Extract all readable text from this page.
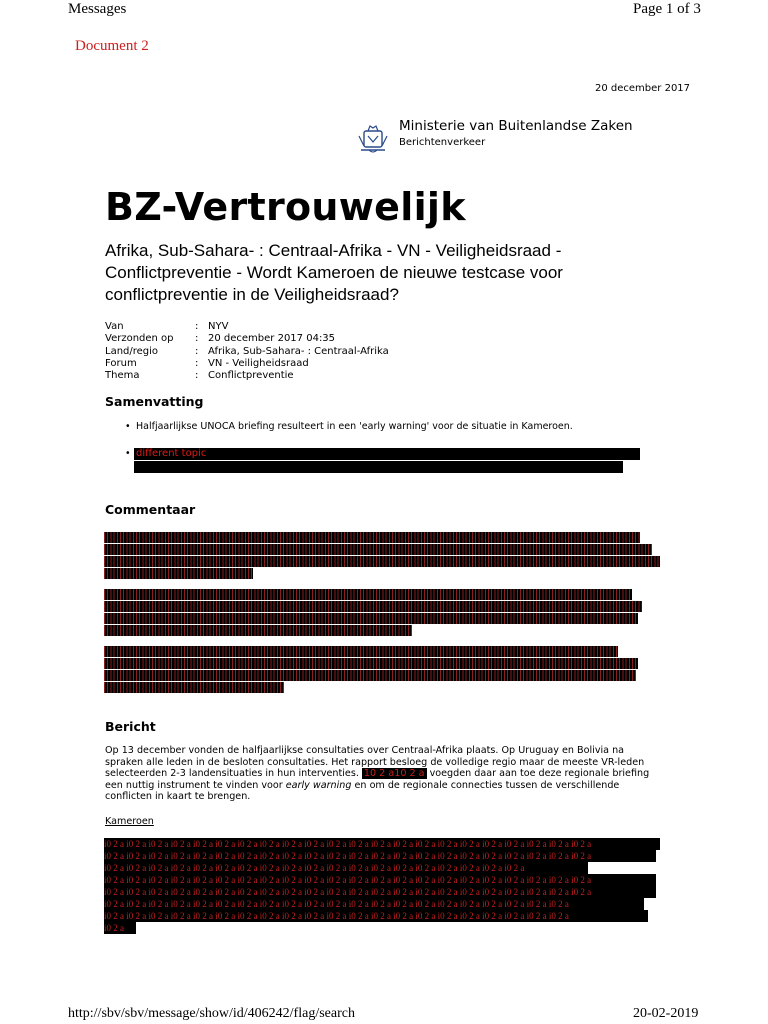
Messages	Page 1 of 3
Document 2
20 december 2017
Ministerie van Buitenlandse Zaken
Berichtenverkeer
BZ-Vertrouwelijk
Afrika, Sub-Sahara- : Centraal-Afrika - VN - Veiligheidsraad - Conflictpreventie - Wordt Kameroen de nieuwe testcase voor conflictpreventie in de Veiligheidsraad?
Van	: NYV
Verzonden op	: 20 december 2017 04:35
Land/regio	: Afrika, Sub-Sahara- : Centraal-Afrika
Forum	: VN - Veiligheidsraad
Thema	: Conflictpreventie
Samenvatting
• Halfjaarlijkse UNOCA briefing resulteert in een 'early warning' voor de situatie in Kameroen.
• different topic
Commentaar
Bericht
Op 13 december vonden de halfjaarlijkse consultaties over Centraal-Afrika plaats. Op Uruguay en Bolivia na spraken alle leden in de besloten consultaties. Het rapport besloeg de volledige regio maar de meeste VR-leden selecteerden 2-3 landensituaties in hun interventies. 10 2 a10 2 a voegden daar aan toe deze regionale briefing een nuttig instrument te vinden voor early warning en om de regionale connecties tussen de verschillende conflicten in kaart te brengen.
Kameroen
i0 2 a i0 2 a i0 2 a i0 2 a i0 2 a i0 2 a i0 2 a i0 2 a i0 2 a i0 2 a i0 2 a i0 2 a i0 2 a i0 2 a i0 2 a i0 2 a i0 2 a i0 2 a i0 2 a i0 2 a i0 2 a i0 2 a
i0 2 a i0 2 a i0 2 a i0 2 a i0 2 a i0 2 a i0 2 a i0 2 a i0 2 a i0 2 a i0 2 a i0 2 a i0 2 a i0 2 a i0 2 a i0 2 a i0 2 a i0 2 a i0 2 a i0 2 a i0 2 a i0 2 a
i0 2 a i0 2 a i0 2 a i0 2 a i0 2 a i0 2 a i0 2 a i0 2 a i0 2 a i0 2 a i0 2 a i0 2 a i0 2 a i0 2 a i0 2 a i0 2 a i0 2 a i0 2 a i0 2 a
i0 2 a i0 2 a i0 2 a i0 2 a i0 2 a i0 2 a i0 2 a i0 2 a i0 2 a i0 2 a i0 2 a i0 2 a i0 2 a i0 2 a i0 2 a i0 2 a i0 2 a i0 2 a i0 2 a i0 2 a i0 2 a i0 2 a
i0 2 a i0 2 a i0 2 a i0 2 a i0 2 a i0 2 a i0 2 a i0 2 a i0 2 a i0 2 a i0 2 a i0 2 a i0 2 a i0 2 a i0 2 a i0 2 a i0 2 a i0 2 a i0 2 a i0 2 a i0 2 a i0 2 a
i0 2 a i0 2 a i0 2 a i0 2 a i0 2 a i0 2 a i0 2 a i0 2 a i0 2 a i0 2 a i0 2 a i0 2 a i0 2 a i0 2 a i0 2 a i0 2 a i0 2 a i0 2 a i0 2 a i0 2 a i0 2 a
i0 2 a i0 2 a i0 2 a i0 2 a i0 2 a i0 2 a i0 2 a i0 2 a i0 2 a i0 2 a i0 2 a i0 2 a i0 2 a i0 2 a i0 2 a i0 2 a i0 2 a i0 2 a i0 2 a i0 2 a i0 2 a
i0 2 a
http://sbv/sbv/message/show/id/406242/flag/search	20-02-2019
